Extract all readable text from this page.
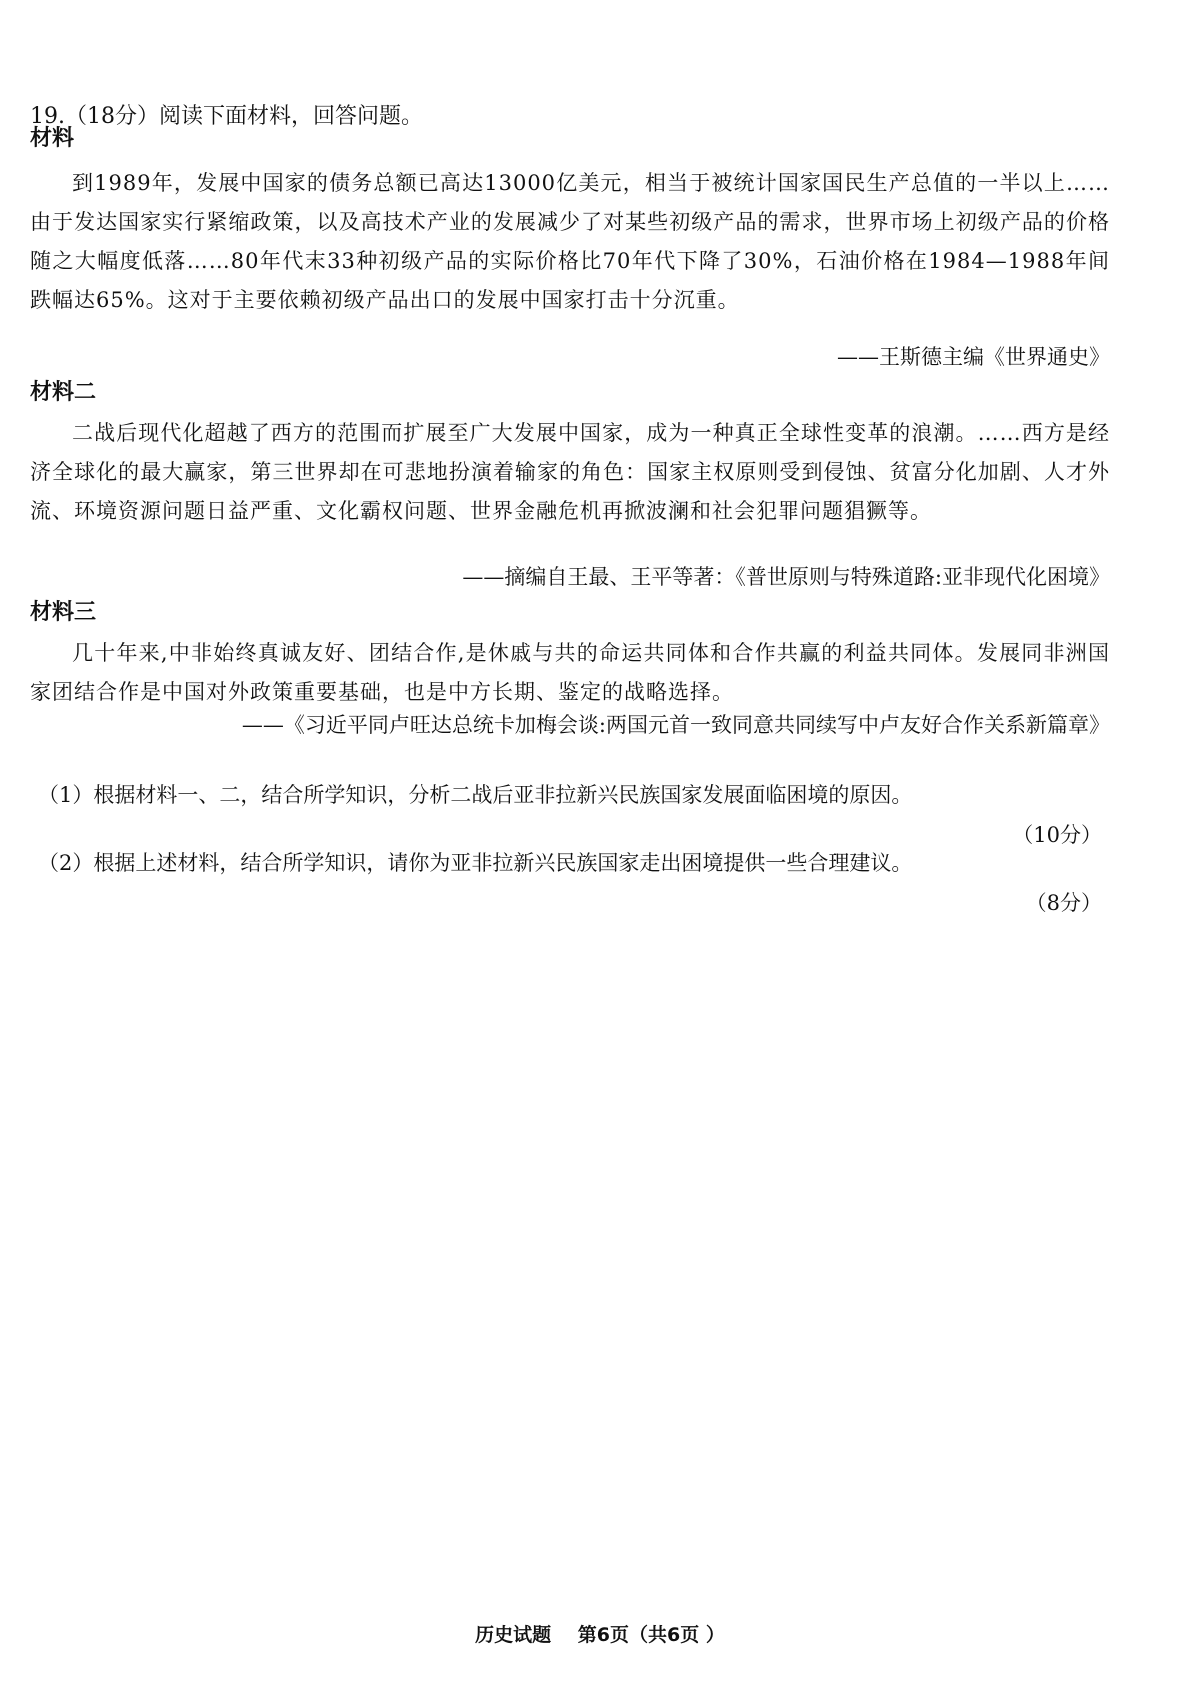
19.（18分）阅读下面材料，回答问题。
材料
到1989年，发展中国家的债务总额已高达13000亿美元，相当于被统计国家国民生产总值的一半以上……由于发达国家实行紧缩政策，以及高技术产业的发展减少了对某些初级产品的需求，世界市场上初级产品的价格随之大幅度低落……80年代末33种初级产品的实际价格比70年代下降了30%，石油价格在1984—1988年间跌幅达65%。这对于主要依赖初级产品出口的发展中国家打击十分沉重。
——王斯德主编《世界通史》
材料二
二战后现代化超越了西方的范围而扩展至广大发展中国家，成为一种真正全球性变革的浪潮。……西方是经济全球化的最大赢家，第三世界却在可悲地扮演着输家的角色：国家主权原则受到侵蚀、贫富分化加剧、人才外流、环境资源问题日益严重、文化霸权问题、世界金融危机再掀波澜和社会犯罪问题猖獗等。
——摘编自王最、王平等著：《普世原则与特殊道路:亚非现代化困境》
材料三
几十年来,中非始终真诚友好、团结合作,是休戚与共的命运共同体和合作共赢的利益共同体。发展同非洲国家团结合作是中国对外政策重要基础，也是中方长期、鉴定的战略选择。
——《习近平同卢旺达总统卡加梅会谈:两国元首一致同意共同续写中卢友好合作关系新篇章》
（1）根据材料一、二，结合所学知识，分析二战后亚非拉新兴民族国家发展面临困境的原因。
（10分）
（2）根据上述材料，结合所学知识，请你为亚非拉新兴民族国家走出困境提供一些合理建议。
（8分）
历史试题 第6页（共6页 ）
